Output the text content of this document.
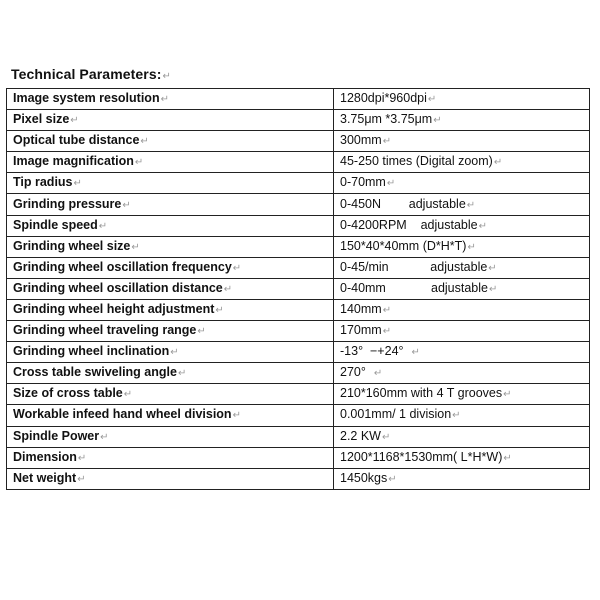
Technical Parameters:↵
Image system resolution↵	1280dpi*960dpi↵
Pixel size↵	3.75μm *3.75μm↵
Optical tube distance↵	300mm↵
Image magnification↵	45-250 times (Digital zoom)↵
Tip radius↵	0-70mm↵
Grinding pressure↵	0-450N        adjustable↵
Spindle speed↵	0-4200RPM    adjustable↵
Grinding wheel size↵	150*40*40mm (D*H*T)↵
Grinding wheel oscillation frequency↵	0-45/min            adjustable↵
Grinding wheel oscillation distance↵	0-40mm             adjustable↵
Grinding wheel height adjustment↵	140mm↵
Grinding wheel traveling range↵	170mm↵
Grinding wheel inclination↵	-13°  −+24°  ↵
Cross table swiveling angle↵	270°  ↵
Size of cross table↵	210*160mm with 4 T grooves↵
Workable infeed hand wheel division↵	0.001mm/ 1 division↵
Spindle Power↵	2.2 KW↵
Dimension↵	1200*1168*1530mm( L*H*W)↵
Net weight↵	1450kgs↵
